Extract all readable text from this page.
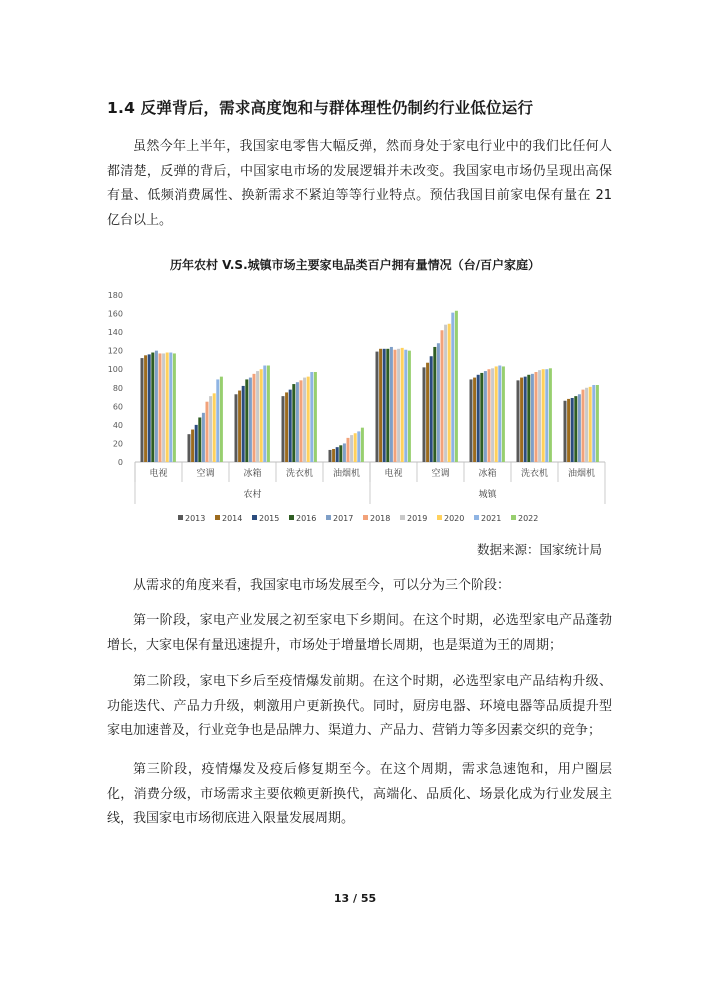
1.4 反弹背后，需求高度饱和与群体理性仍制约行业低位运行

虽然今年上半年，我国家电零售大幅反弹，然而身处于家电行业中的我们比任何人都清楚，反弹的背后，中国家电市场的发展逻辑并未改变。我国家电市场仍呈现出高保有量、低频消费属性、换新需求不紧迫等等行业特点。预估我国目前家电保有量在 21 亿台以上。

历年农村 V.S.城镇市场主要家电品类百户拥有量情况（台/百户家庭）
0
20
40
60
80
100
120
140
160
180
电视	空调	冰箱	洗衣机 油烟机	电视	空调	冰箱	洗衣机 油烟机
农村	城镇
2013 2014 2015 2016 2017 2018 2019 2020 2021 2022
数据来源：国家统计局

从需求的角度来看，我国家电市场发展至今，可以分为三个阶段：

第一阶段，家电产业发展之初至家电下乡期间。在这个时期，必选型家电产品蓬勃增长，大家电保有量迅速提升，市场处于增量增长周期，也是渠道为王的周期；

第二阶段，家电下乡后至疫情爆发前期。在这个时期，必选型家电产品结构升级、功能迭代、产品力升级，刺激用户更新换代。同时，厨房电器、环境电器等品质提升型家电加速普及，行业竞争也是品牌力、渠道力、产品力、营销力等多因素交织的竞争；

第三阶段，疫情爆发及疫后修复期至今。在这个周期，需求急速饱和，用户圈层化，消费分级，市场需求主要依赖更新换代，高端化、品质化、场景化成为行业发展主线，我国家电市场彻底进入限量发展周期。

13 / 55
